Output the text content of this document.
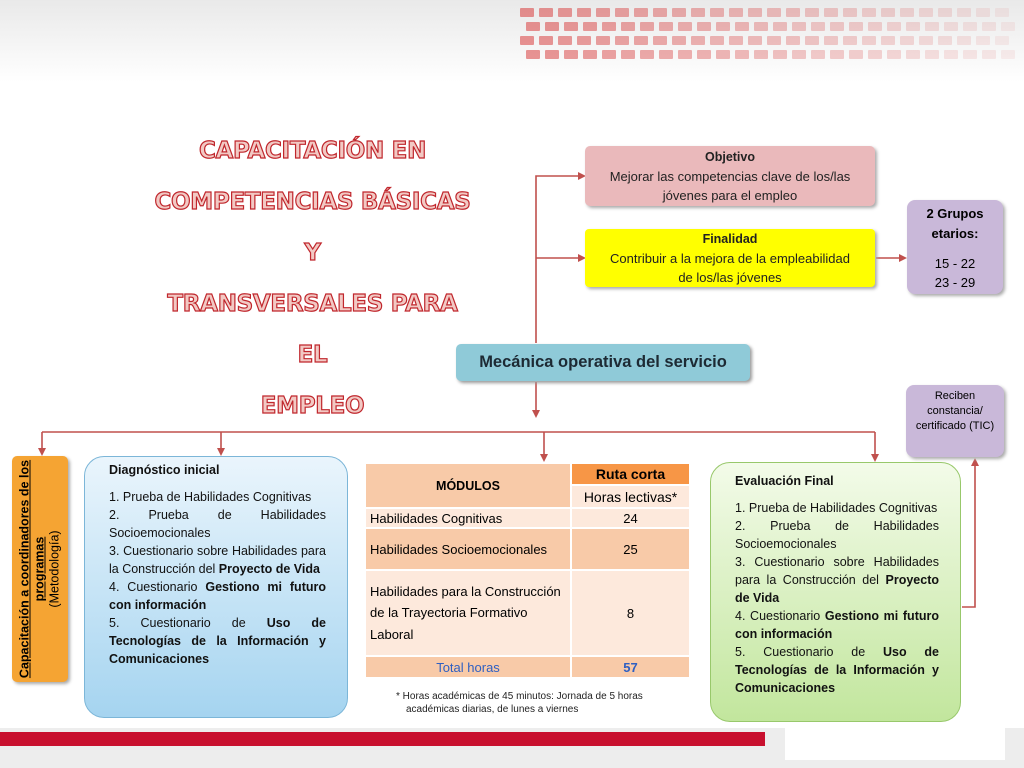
CAPACITACIÓN EN
COMPETENCIAS BÁSICAS Y
TRANSVERSALES PARA EL
EMPLEO
Objetivo
Mejorar las competencias clave de los/las jóvenes para el empleo
Finalidad
Contribuir a la mejora de la empleabilidad de los/las jóvenes
2 Grupos etarios:
15 - 22
23 - 29
Mecánica operativa del servicio
Reciben constancia/ certificado (TIC)
Capacitación a coordinadores de los programas (Metodología)
Diagnóstico inicial
1. Prueba de Habilidades Cognitivas
2. Prueba de Habilidades Socioemocionales
3. Cuestionario sobre Habilidades para la Construcción del Proyecto de Vida
4. Cuestionario Gestiono mi futuro con información
5. Cuestionario de Uso de Tecnologías de la Información y Comunicaciones
Evaluación Final
1. Prueba de Habilidades Cognitivas
2. Prueba de Habilidades Socioemocionales
3. Cuestionario sobre Habilidades para la Construcción del Proyecto de Vida
4. Cuestionario Gestiono mi futuro con información
5. Cuestionario de Uso de Tecnologías de la Información y Comunicaciones
MÓDULOS	Ruta corta
	Horas lectivas*
Habilidades Cognitivas	24
Habilidades Socioemocionales	25
Habilidades para la Construcción de la Trayectoria Formativo Laboral	8
Total horas	57
* Horas académicas de 45 minutos: Jornada de 5 horas
académicas diarias, de lunes a viernes
